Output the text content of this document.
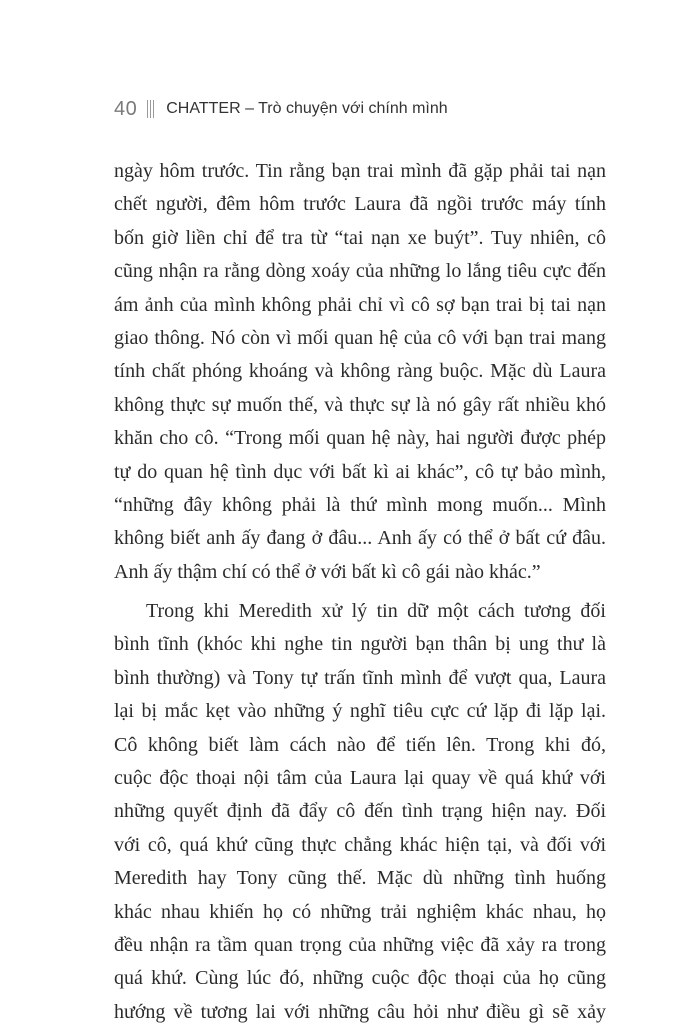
40 CHATTER – Trò chuyện với chính mình
ngày hôm trước. Tin rằng bạn trai mình đã gặp phải tai nạn
chết người, đêm hôm trước Laura đã ngồi trước máy tính
bốn giờ liền chỉ để tra từ “tai nạn xe buýt”. Tuy nhiên, cô
cũng nhận ra rằng dòng xoáy của những lo lắng tiêu cực đến
ám ảnh của mình không phải chỉ vì cô sợ bạn trai bị tai nạn
giao thông. Nó còn vì mối quan hệ của cô với bạn trai mang
tính chất phóng khoáng và không ràng buộc. Mặc dù Laura
không thực sự muốn thế, và thực sự là nó gây rất nhiều khó
khăn cho cô. “Trong mối quan hệ này, hai người được phép
tự do quan hệ tình dục với bất kì ai khác”, cô tự bảo mình,
“những đây không phải là thứ mình mong muốn... Mình
không biết anh ấy đang ở đâu... Anh ấy có thể ở bất cứ đâu.
Anh ấy thậm chí có thể ở với bất kì cô gái nào khác.”
Trong khi Meredith xử lý tin dữ một cách tương đối
bình tĩnh (khóc khi nghe tin người bạn thân bị ung thư là
bình thường) và Tony tự trấn tĩnh mình để vượt qua, Laura
lại bị mắc kẹt vào những ý nghĩ tiêu cực cứ lặp đi lặp lại.
Cô không biết làm cách nào để tiến lên. Trong khi đó,
cuộc độc thoại nội tâm của Laura lại quay về quá khứ với
những quyết định đã đẩy cô đến tình trạng hiện nay. Đối
với cô, quá khứ cũng thực chẳng khác hiện tại, và đối với
Meredith hay Tony cũng thế. Mặc dù những tình huống
khác nhau khiến họ có những trải nghiệm khác nhau, họ
đều nhận ra tầm quan trọng của những việc đã xảy ra trong
quá khứ. Cùng lúc đó, những cuộc độc thoại của họ cũng
hướng về tương lai với những câu hỏi như điều gì sẽ xảy
